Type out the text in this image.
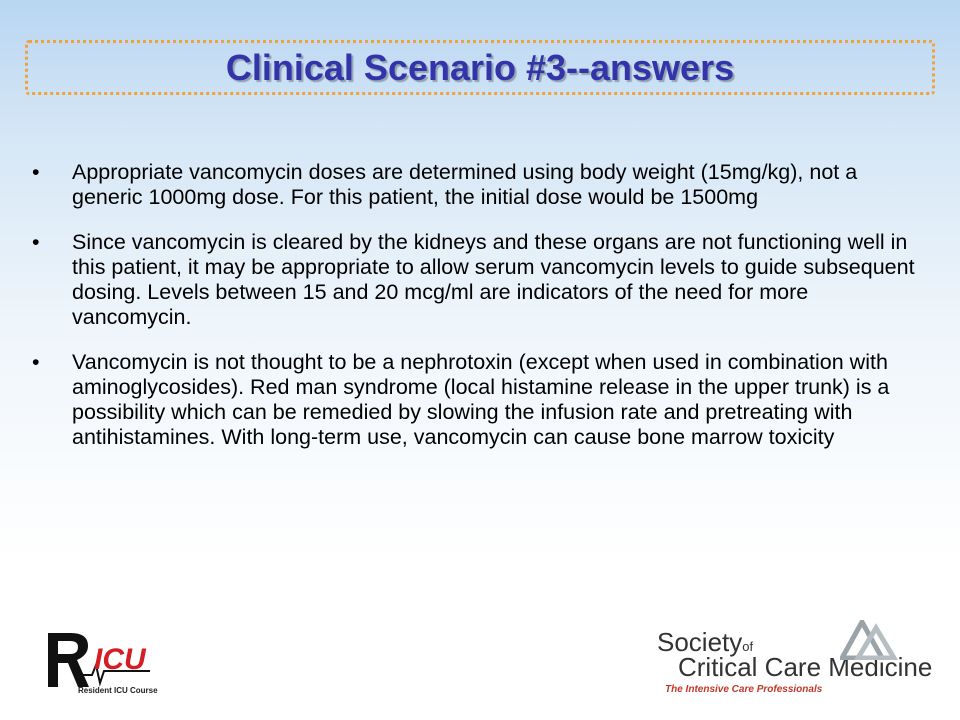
Clinical Scenario #3--answers
•	Appropriate vancomycin doses are determined using body weight (15mg/kg), not a generic 1000mg dose. For this patient, the initial dose would be 1500mg
•	Since vancomycin is cleared by the kidneys and these organs are not functioning well in this patient, it may be appropriate to allow serum vancomycin levels to guide subsequent dosing. Levels between 15 and 20 mcg/ml are indicators of the need for more vancomycin.
•	Vancomycin is not thought to be a nephrotoxin (except when used in combination with aminoglycosides). Red man syndrome (local histamine release in the upper trunk) is a possibility which can be remedied by slowing the infusion rate and pretreating with antihistamines. With long-term use, vancomycin can cause bone marrow toxicity
ICU
Resident ICU Course
Societyof
Critical Care Medicine
The Intensive Care Professionals
